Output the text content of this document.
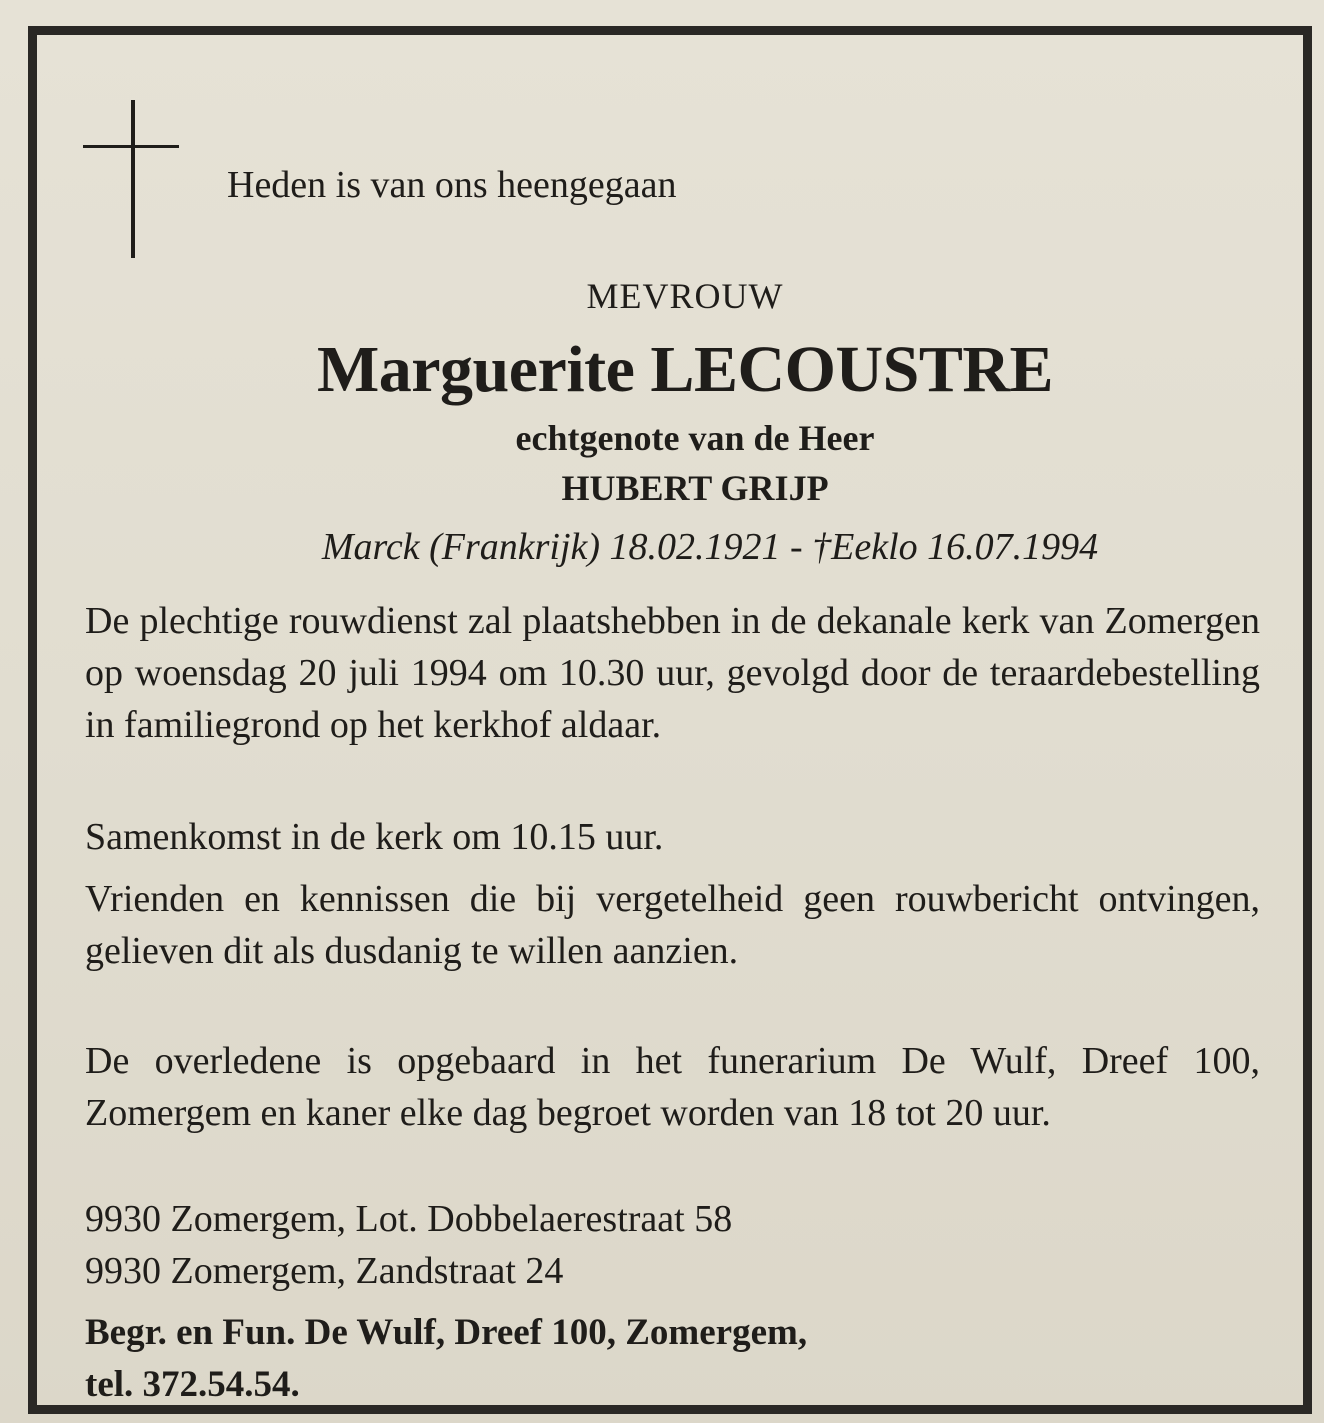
Heden is van ons heengegaan
MEVROUW
Marguerite LECOUSTRE
echtgenote van de Heer
HUBERT GRIJP
Marck (Frankrijk) 18.02.1921 - †Eeklo 16.07.1994
De plechtige rouwdienst zal plaatshebben in de dekanale kerk van Zomergen op woensdag 20 juli 1994 om 10.30 uur, gevolgd door de teraardebestelling in familiegrond op het kerkhof aldaar.
Samenkomst in de kerk om 10.15 uur.
Vrienden en kennissen die bij vergetelheid geen rouwbericht ontvingen, gelieven dit als dusdanig te willen aanzien.
De overledene is opgebaard in het funerarium De Wulf, Dreef 100, Zomergem en kaner elke dag begroet worden van 18 tot 20 uur.
9930 Zomergem, Lot. Dobbelaerestraat 58
9930 Zomergem, Zandstraat 24
Begr. en Fun. De Wulf, Dreef 100, Zomergem,
tel. 372.54.54.
